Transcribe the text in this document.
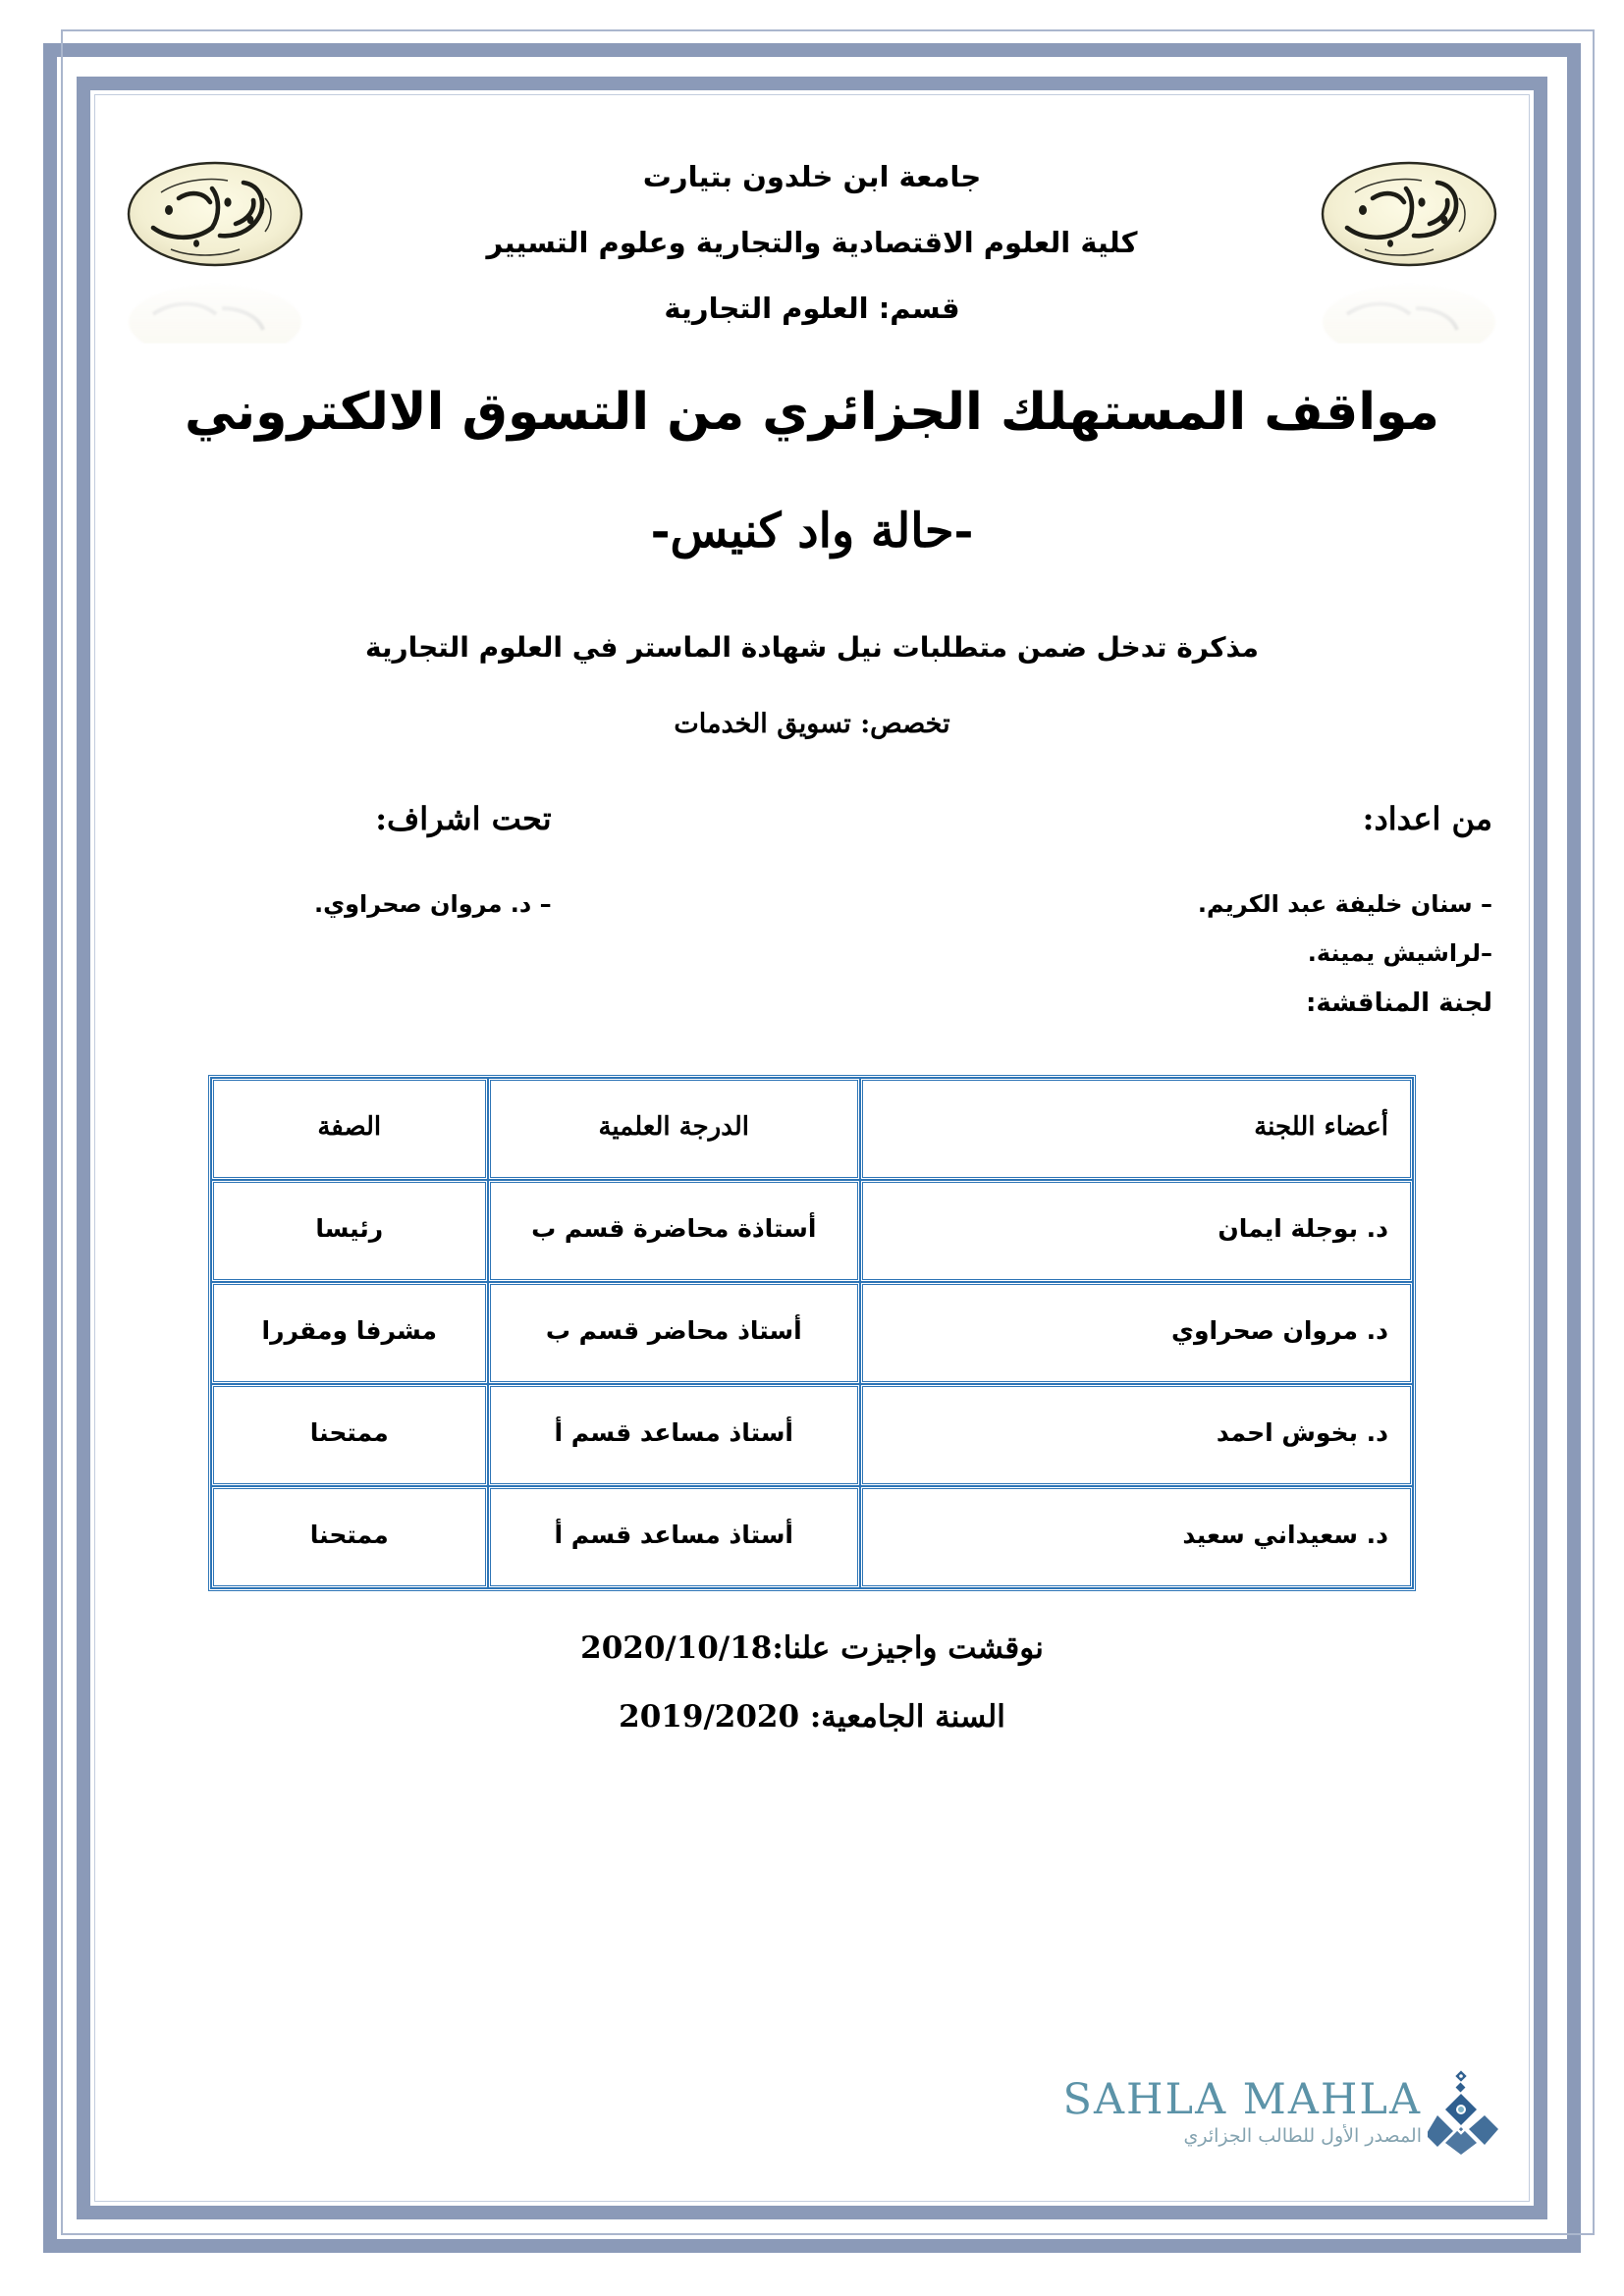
جامعة ابن خلدون بتيارت

كلية العلوم الاقتصادية والتجارية وعلوم التسيير

قسم: العلوم التجارية

مواقف المستهلك الجزائري من التسوق الالكتروني

-حالة واد كنيس-

مذكرة تدخل ضمن متطلبات نيل شهادة الماستر في العلوم التجارية

تخصص: تسويق الخدمات

من اعداد:

– سنان خليفة عبد الكريم.

–لراشيش يمينة.

لجنة المناقشة:

تحت اشراف:

– د. مروان صحراوي.

أعضاء اللجنة	الدرجة العلمية	الصفة
د. بوجلة ايمان	أستاذة محاضرة قسم ب	رئيسا
د. مروان صحراوي	أستاذ محاضر قسم ب	مشرفا ومقررا
د. بخوش احمد	أستاذ مساعد قسم أ	ممتحنا
د. سعيداني سعيد	أستاذ مساعد قسم أ	ممتحنا

نوقشت واجيزت علنا:2020/10/18

السنة الجامعية: 2019/2020

SAHLA MAHLA
المصدر الأول للطالب الجزائري
